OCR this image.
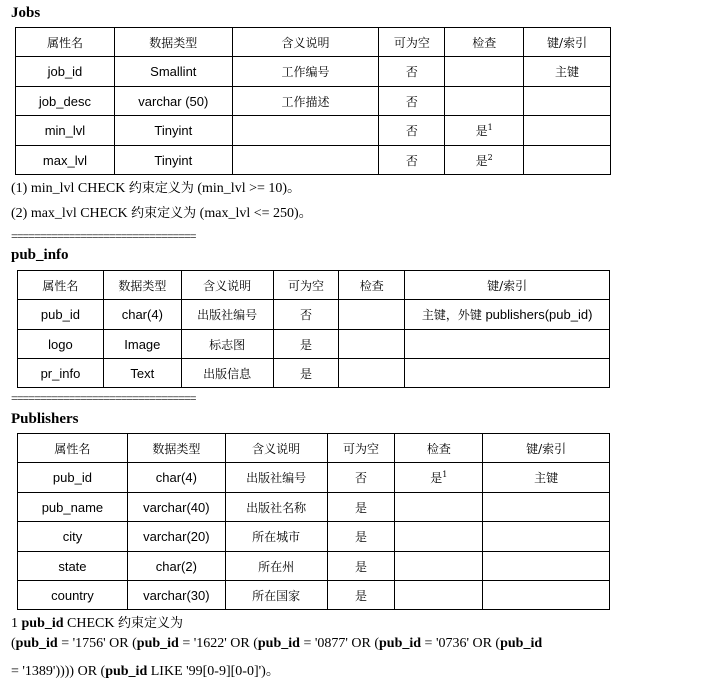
Jobs
属性名	数据类型	含义说明	可为空	检查	键/索引
job_id	Smallint	工作编号	否		主键
job_desc	varchar (50)	工作描述	否		
min_lvl	Tinyint		否	是$^1$	
max_lvl	Tinyint		否	是$^2$	
(1) min_lvl CHECK 约束定义为 (min_lvl >= 10)。
(2) max_lvl CHECK 约束定义为 (max_lvl <= 250)。
================================
pub_info
属性名	数据类型	含义说明	可为空	检查	键/索引
pub_id	char(4)	出版社编号	否		主键，外键 publishers(pub_id)
logo	Image	标志图	是		
pr_info	Text	出版信息	是		
================================
Publishers
属性名	数据类型	含义说明	可为空	检查	键/索引
pub_id	char(4)	出版社编号	否	是$^1$	主键
pub_name	varchar(40)	出版社名称	是		
city	varchar(20)	所在城市	是		
state	char(2)	所在州	是		
country	varchar(30)	所在国家	是		
1 pub_id CHECK 约束定义为
(pub_id = '1756' OR (pub_id = '1622' OR (pub_id = '0877' OR (pub_id = '0736' OR (pub_id
= '1389')))) OR (pub_id LIKE '99[0-9][0-0]')。
